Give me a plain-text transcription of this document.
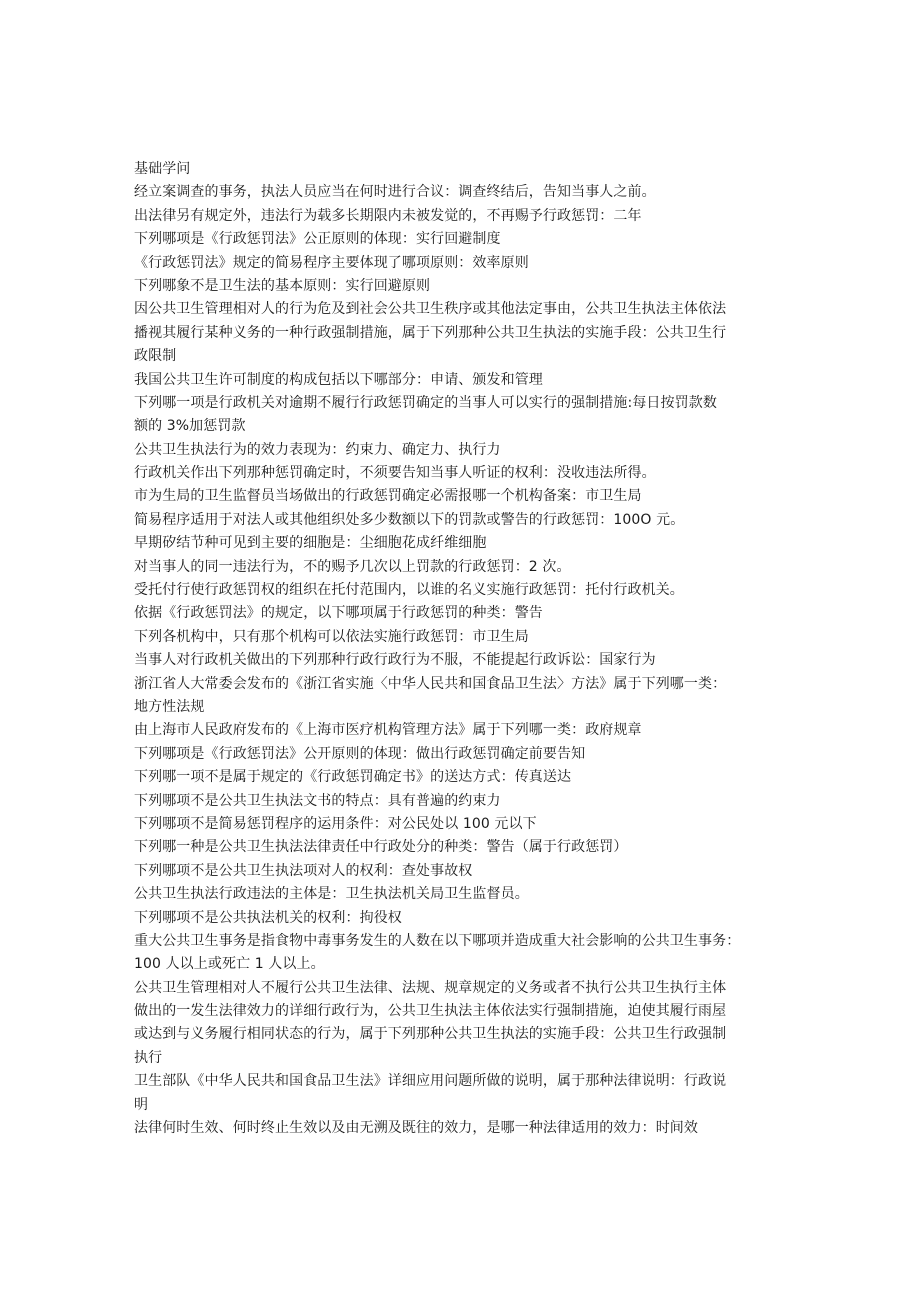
基础学问
经立案调查的事务，执法人员应当在何时进行合议：调查终结后，告知当事人之前。
出法律另有规定外，违法行为载多长期限内未被发觉的，不再赐予行政惩罚：二年
下列哪项是《行政惩罚法》公正原则的体现：实行回避制度
《行政惩罚法》规定的简易程序主要体现了哪项原则：效率原则
下列哪象不是卫生法的基本原则：实行回避原则
因公共卫生管理相对人的行为危及到社会公共卫生秩序或其他法定事由，公共卫生执法主体依法
播视其履行某种义务的一种行政强制措施，属于下列那种公共卫生执法的实施手段：公共卫生行
政限制
我国公共卫生许可制度的构成包括以下哪部分：申请、颁发和管理
下列哪一项是行政机关对逾期不履行行政惩罚确定的当事人可以实行的强制措施:每日按罚款数
额的 3%加惩罚款
公共卫生执法行为的效力表现为：约束力、确定力、执行力
行政机关作出下列那种惩罚确定时，不须要告知当事人听证的权利：没收违法所得。
市为生局的卫生监督员当场做出的行政惩罚确定必需报哪一个机构备案：市卫生局
简易程序适用于对法人或其他组织处多少数额以下的罚款或警告的行政惩罚：100O 元。
早期矽结节种可见到主要的细胞是：尘细胞花成纤维细胞
对当事人的同一违法行为，不的赐予几次以上罚款的行政惩罚：2 次。
受托付行使行政惩罚权的组织在托付范围内，以谁的名义实施行政惩罚：托付行政机关。
依据《行政惩罚法》的规定，以下哪项属于行政惩罚的种类：警告
下列各机构中，只有那个机构可以依法实施行政惩罚：市卫生局
当事人对行政机关做出的下列那种行政行政行为不服，不能提起行政诉讼：国家行为
浙江省人大常委会发布的《浙江省实施〈中华人民共和国食品卫生法〉方法》属于下列哪一类：
地方性法规
由上海市人民政府发布的《上海市医疗机构管理方法》属于下列哪一类：政府规章
下列哪项是《行政惩罚法》公开原则的体现：做出行政惩罚确定前要告知
下列哪一项不是属于规定的《行政惩罚确定书》的送达方式：传真送达
下列哪项不是公共卫生执法文书的特点：具有普遍的约束力
下列哪项不是简易惩罚程序的运用条件：对公民处以 100 元以下
下列哪一种是公共卫生执法法律责任中行政处分的种类：警告（属于行政惩罚）
下列哪项不是公共卫生执法项对人的权利：查处事故权
公共卫生执法行政违法的主体是：卫生执法机关局卫生监督员。
下列哪项不是公共执法机关的权利：拘役权
重大公共卫生事务是指食物中毒事务发生的人数在以下哪项并造成重大社会影响的公共卫生事务：
100 人以上或死亡 1 人以上。
公共卫生管理相对人不履行公共卫生法律、法规、规章规定的义务或者不执行公共卫生执行主体
做出的一发生法律效力的详细行政行为，公共卫生执法主体依法实行强制措施，迫使其履行雨屋
或达到与义务履行相同状态的行为，属于下列那种公共卫生执法的实施手段：公共卫生行政强制
执行
卫生部队《中华人民共和国食品卫生法》详细应用问题所做的说明，属于那种法律说明：行政说
明
法律何时生效、何时终止生效以及由无溯及既往的效力，是哪一种法律适用的效力：时间效
